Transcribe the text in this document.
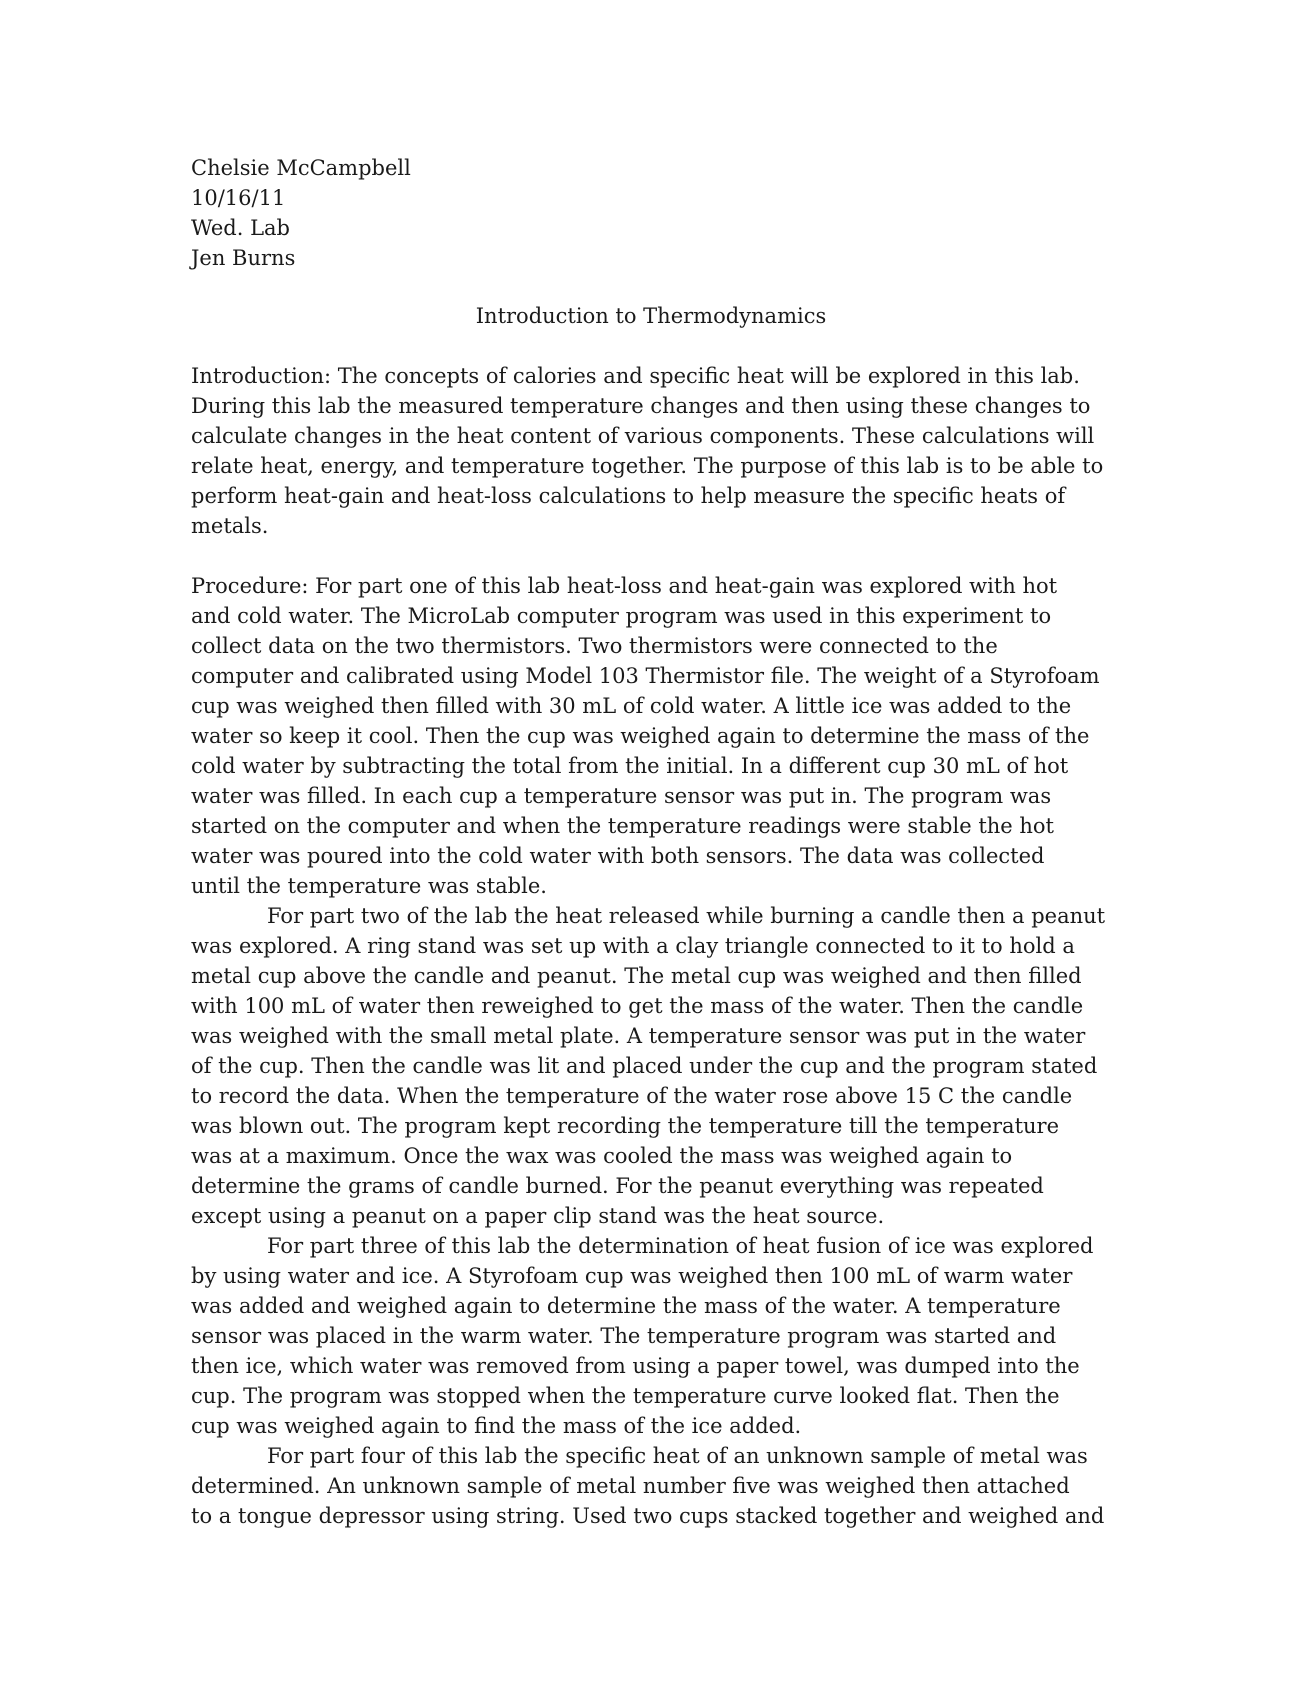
Chelsie McCampbell
10/16/11
Wed. Lab
Jen Burns
Introduction to Thermodynamics
Introduction: The concepts of calories and specific heat will be explored in this lab.
During this lab the measured temperature changes and then using these changes to
calculate changes in the heat content of various components. These calculations will
relate heat, energy, and temperature together. The purpose of this lab is to be able to
perform heat-gain and heat-loss calculations to help measure the specific heats of
metals.
Procedure: For part one of this lab heat-loss and heat-gain was explored with hot
and cold water. The MicroLab computer program was used in this experiment to
collect data on the two thermistors. Two thermistors were connected to the
computer and calibrated using Model 103 Thermistor file. The weight of a Styrofoam
cup was weighed then filled with 30 mL of cold water. A little ice was added to the
water so keep it cool. Then the cup was weighed again to determine the mass of the
cold water by subtracting the total from the initial. In a different cup 30 mL of hot
water was filled. In each cup a temperature sensor was put in. The program was
started on the computer and when the temperature readings were stable the hot
water was poured into the cold water with both sensors. The data was collected
until the temperature was stable.
For part two of the lab the heat released while burning a candle then a peanut
was explored. A ring stand was set up with a clay triangle connected to it to hold a
metal cup above the candle and peanut. The metal cup was weighed and then filled
with 100 mL of water then reweighed to get the mass of the water. Then the candle
was weighed with the small metal plate. A temperature sensor was put in the water
of the cup. Then the candle was lit and placed under the cup and the program stated
to record the data. When the temperature of the water rose above 15 C the candle
was blown out. The program kept recording the temperature till the temperature
was at a maximum. Once the wax was cooled the mass was weighed again to
determine the grams of candle burned. For the peanut everything was repeated
except using a peanut on a paper clip stand was the heat source.
For part three of this lab the determination of heat fusion of ice was explored
by using water and ice. A Styrofoam cup was weighed then 100 mL of warm water
was added and weighed again to determine the mass of the water. A temperature
sensor was placed in the warm water. The temperature program was started and
then ice, which water was removed from using a paper towel, was dumped into the
cup. The program was stopped when the temperature curve looked flat. Then the
cup was weighed again to find the mass of the ice added.
For part four of this lab the specific heat of an unknown sample of metal was
determined. An unknown sample of metal number five was weighed then attached
to a tongue depressor using string. Used two cups stacked together and weighed and
